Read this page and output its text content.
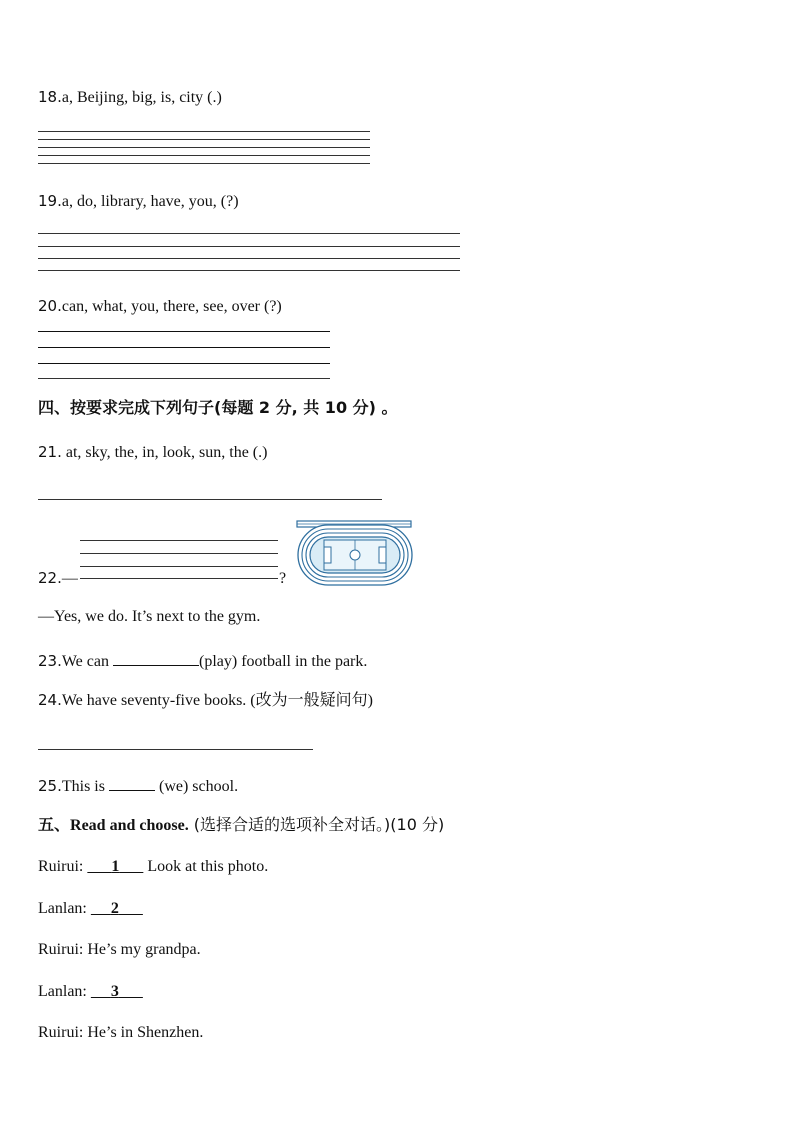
18.a, Beijing, big, is, city (.)
19.a, do, library, have, you, (?)
20.can, what, you, there, see, over (?)
四、按要求完成下列句子(每题 2 分, 共 10 分) 。
21. at, sky, the, in, look, sun, the (.)
22.—	?
—Yes, we do. It’s next to the gym.
23.We can	(play) football in the park.
24.We have seventy-five books. (改为一般疑问句)
25.This is	(we) school.
五、Read and choose. (选择合适的选项补全对话。)(10 分)
Ruirui: 1       Look at this photo.
Lanlan: 2
Ruirui: He’s my grandpa.
Lanlan: 3
Ruirui: He’s in Shenzhen.
